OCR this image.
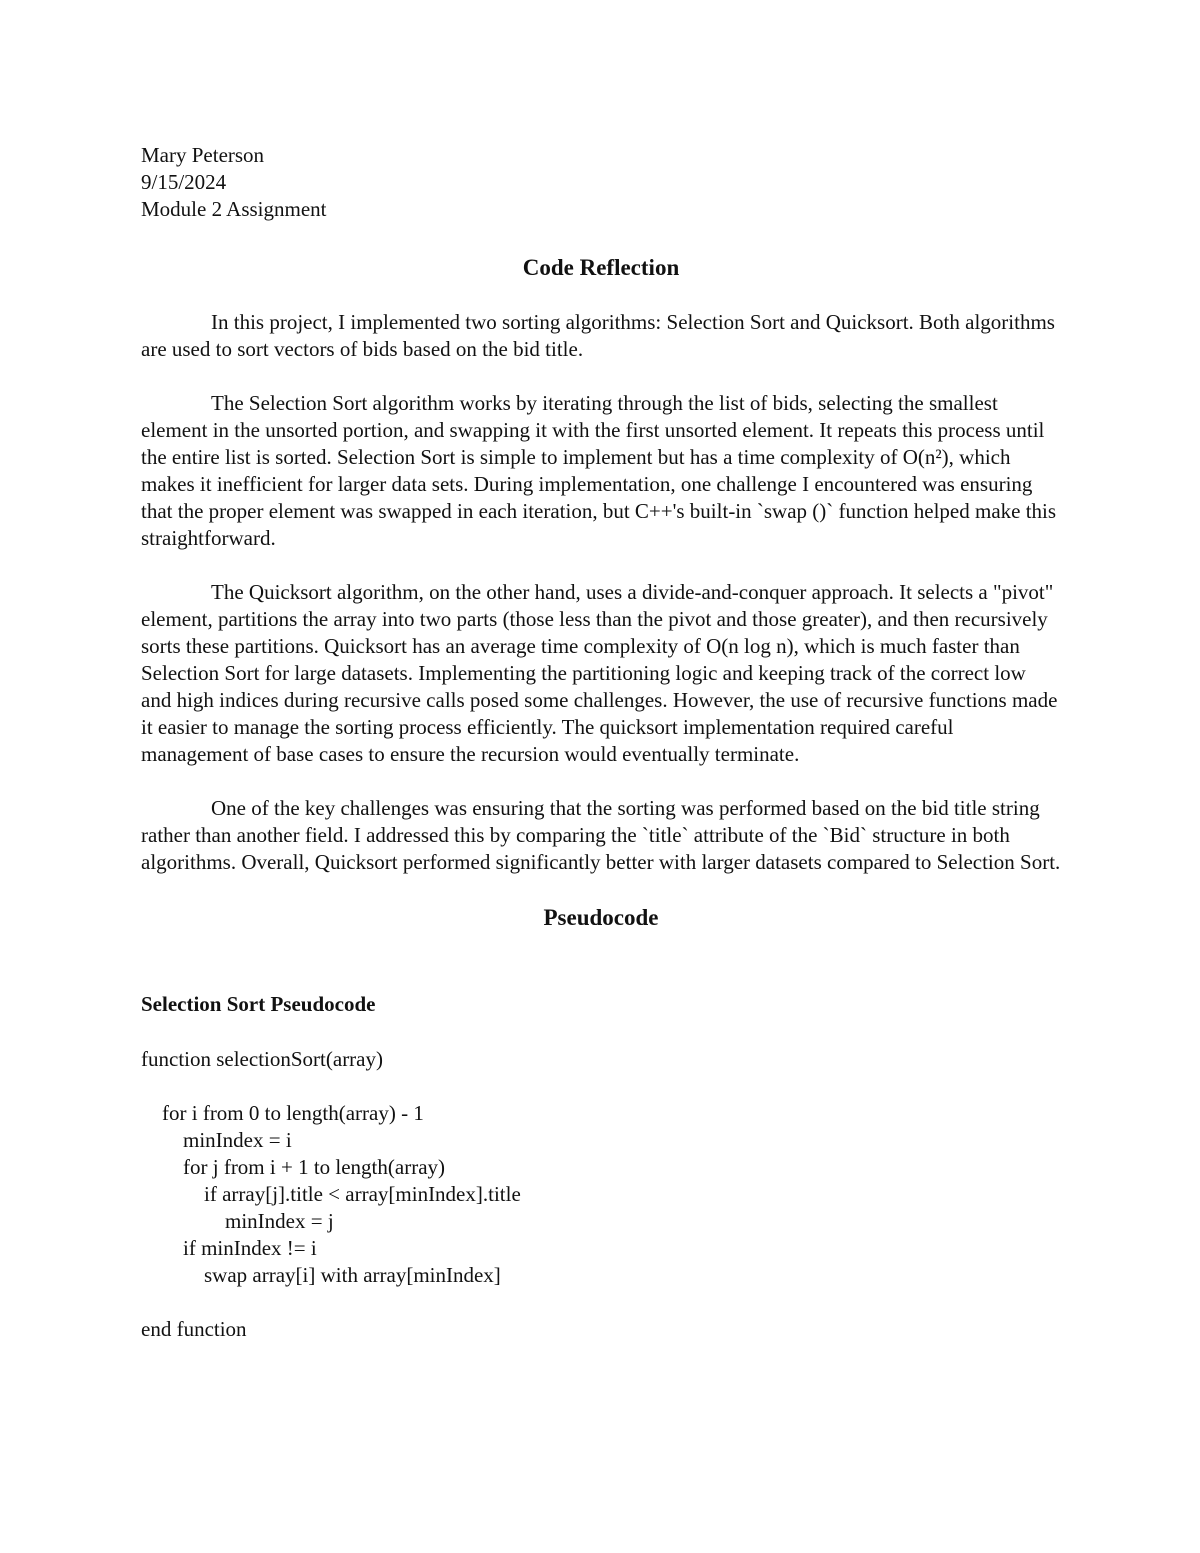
Mary Peterson
9/15/2024
Module 2 Assignment
Code Reflection

In this project, I implemented two sorting algorithms: Selection Sort and Quicksort. Both algorithms are used to sort vectors of bids based on the bid title.

The Selection Sort algorithm works by iterating through the list of bids, selecting the smallest element in the unsorted portion, and swapping it with the first unsorted element. It repeats this process until the entire list is sorted. Selection Sort is simple to implement but has a time complexity of O(n²), which makes it inefficient for larger data sets. During implementation, one challenge I encountered was ensuring that the proper element was swapped in each iteration, but C++'s built-in `swap ()` function helped make this straightforward.

The Quicksort algorithm, on the other hand, uses a divide-and-conquer approach. It selects a "pivot" element, partitions the array into two parts (those less than the pivot and those greater), and then recursively sorts these partitions. Quicksort has an average time complexity of O(n log n), which is much faster than Selection Sort for large datasets. Implementing the partitioning logic and keeping track of the correct low and high indices during recursive calls posed some challenges. However, the use of recursive functions made it easier to manage the sorting process efficiently. The quicksort implementation required careful management of base cases to ensure the recursion would eventually terminate.

One of the key challenges was ensuring that the sorting was performed based on the bid title string rather than another field. I addressed this by comparing the `title` attribute of the `Bid` structure in both algorithms. Overall, Quicksort performed significantly better with larger datasets compared to Selection Sort.

Pseudocode
Selection Sort Pseudocode
function selectionSort(array)
for i from 0 to length(array) - 1
minIndex = i
for j from i + 1 to length(array)
if array[j].title < array[minIndex].title
minIndex = j
if minIndex != i
swap array[i] with array[minIndex]
end function
